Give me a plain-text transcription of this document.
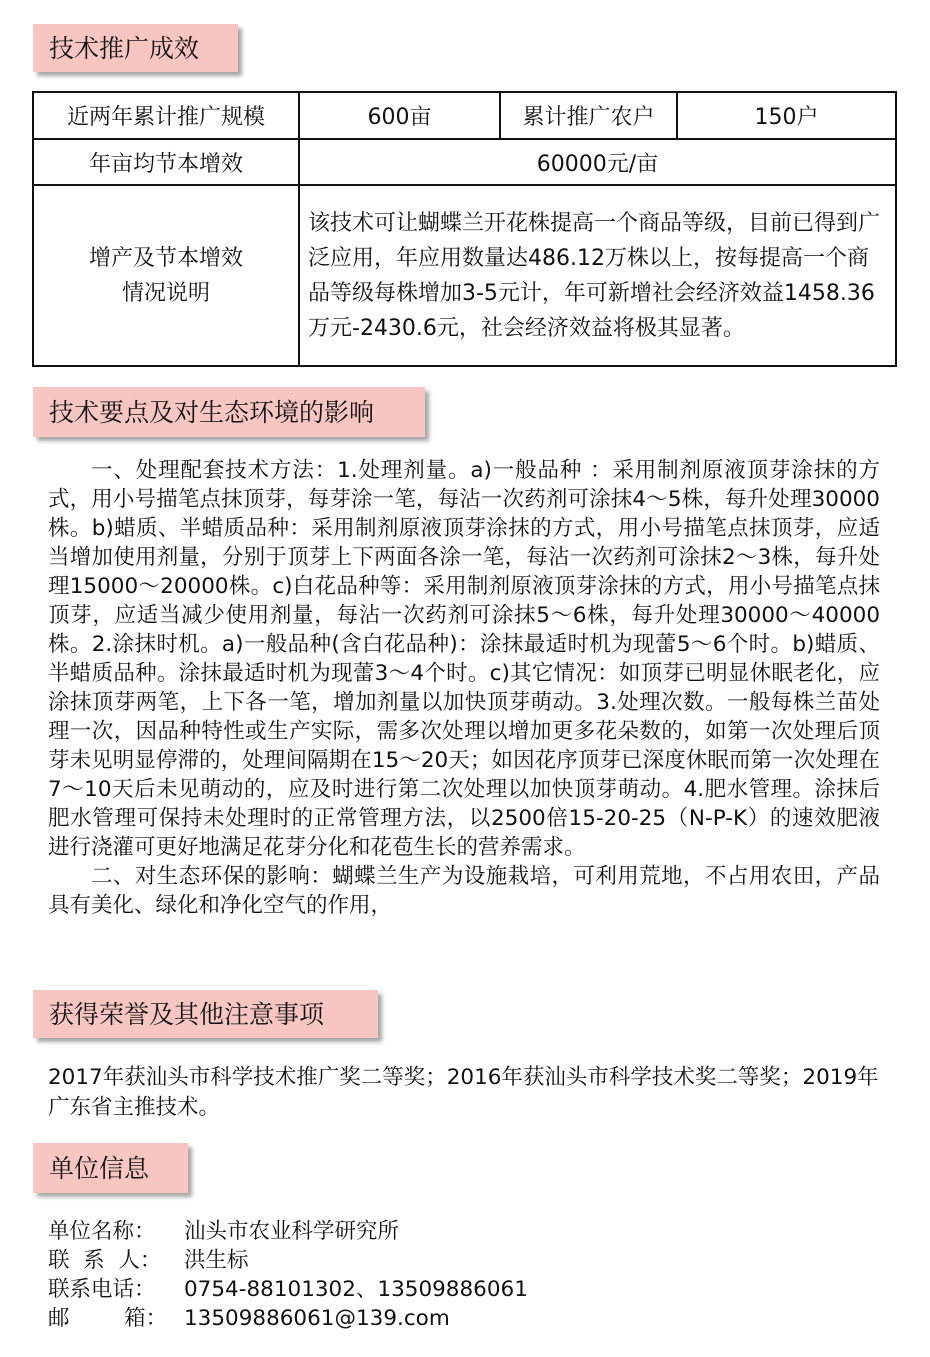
技术推广成效
近两年累计推广规模	600亩	累计推广农户	150户
年亩均节本增效	60000元/亩		

增产及节本增效
情况说明	该技术可让蝴蝶兰开花株提高一个商品等级，目前已得到广泛应用，年应用数量达486.12万株以上，按每提高一个商品等级每株增加3-5元计，年可新增社会经济效益1458.36万元-2430.6元，社会经济效益将极其显著。		
技术要点及对生态环境的影响

一、处理配套技术方法：1.处理剂量。a)一般品种 ：采用制剂原液顶芽涂抹的方式，用小号描笔点抹顶芽，每芽涂一笔，每沾一次药剂可涂抹4～5株，每升处理30000株。b)蜡质、半蜡质品种：采用制剂原液顶芽涂抹的方式，用小号描笔点抹顶芽，应适当增加使用剂量，分别于顶芽上下两面各涂一笔，每沾一次药剂可涂抹2～3株，每升处理15000～20000株。c)白花品种等：采用制剂原液顶芽涂抹的方式，用小号描笔点抹顶芽，应适当减少使用剂量，每沾一次药剂可涂抹5～6株，每升处理30000～40000株。2.涂抹时机。a)一般品种(含白花品种)：涂抹最适时机为现蕾5～6个时。b)蜡质、半蜡质品种。涂抹最适时机为现蕾3～4个时。c)其它情况：如顶芽已明显休眠老化，应涂抹顶芽两笔，上下各一笔，增加剂量以加快顶芽萌动。3.处理次数。一般每株兰苗处理一次，因品种特性或生产实际，需多次处理以增加更多花朵数的，如第一次处理后顶芽未见明显停滞的，处理间隔期在15～20天；如因花序顶芽已深度休眠而第一次处理在7～10天后未见萌动的，应及时进行第二次处理以加快顶芽萌动。4.肥水管理。涂抹后肥水管理可保持未处理时的正常管理方法，以2500倍15-20-25（N-P-K）的速效肥液进行浇灌可更好地满足花芽分化和花苞生长的营养需求。

二、对生态环保的影响：蝴蝶兰生产为设施栽培，可利用荒地，不占用农田，产品具有美化、绿化和净化空气的作用，

获得荣誉及其他注意事项
2017年获汕头市科学技术推广奖二等奖；2016年获汕头市科学技术奖二等奖；2019年广东省主推技术。
单位信息
单位名称：	汕头市农业科学研究所
联  系  人：	洪生标
联系电话：	0754-88101302、13509886061
邮        箱： 13509886061@139.com
